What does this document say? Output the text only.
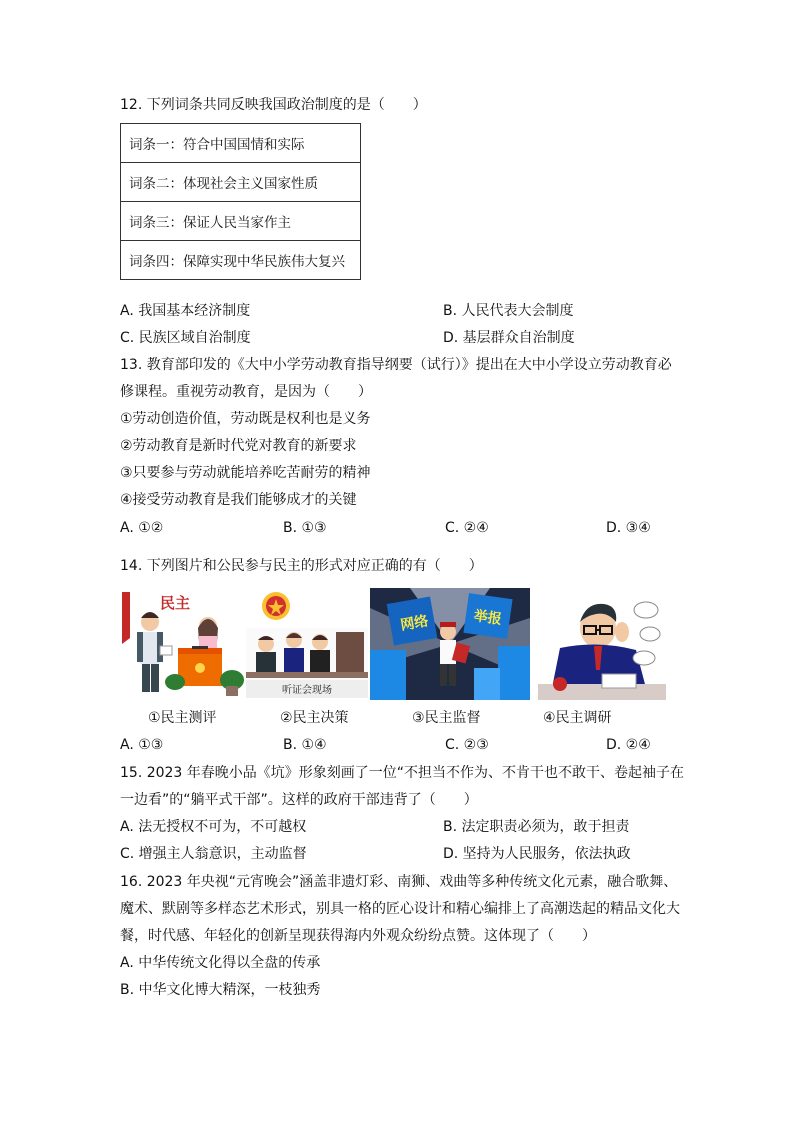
12. 下列词条共同反映我国政治制度的是（　　）
词条一：符合中国国情和实际
词条二：体现社会主义国家性质
词条三：保证人民当家作主
词条四：保障实现中华民族伟大复兴
A. 我国基本经济制度	B. 人民代表大会制度
C. 民族区域自治制度	D. 基层群众自治制度
13. 教育部印发的《大中小学劳动教育指导纲要（试行）》提出在大中小学设立劳动教育必
修课程。重视劳动教育，是因为（　　）
①劳动创造价值，劳动既是权利也是义务
②劳动教育是新时代党对教育的新要求
③只要参与劳动就能培养吃苦耐劳的精神
④接受劳动教育是我们能够成才的关键
A. ①②	B. ①③	C. ②④	D. ③④
14. 下列图片和公民参与民主的形式对应正确的有（　　）
民主
听证会现场
网络	举报
①民主测评	②民主决策	③民主监督	④民主调研
A. ①③	B. ①④	C. ②③	D. ②④
15. 2023 年春晚小品《坑》形象刻画了一位“不担当不作为、不肯干也不敢干、卷起袖子在
一边看”的“躺平式干部”。这样的政府干部违背了（　　）
A. 法无授权不可为，不可越权	B. 法定职责必须为，敢于担责
C. 增强主人翁意识，主动监督	D. 坚持为人民服务，依法执政
16. 2023 年央视“元宵晚会”涵盖非遗灯彩、南狮、戏曲等多种传统文化元素，融合歌舞、
魔术、默剧等多样态艺术形式，别具一格的匠心设计和精心编排上了高潮迭起的精品文化大
餐，时代感、年轻化的创新呈现获得海内外观众纷纷点赞。这体现了（　　）
A. 中华传统文化得以全盘的传承
B. 中华文化博大精深，一枝独秀
